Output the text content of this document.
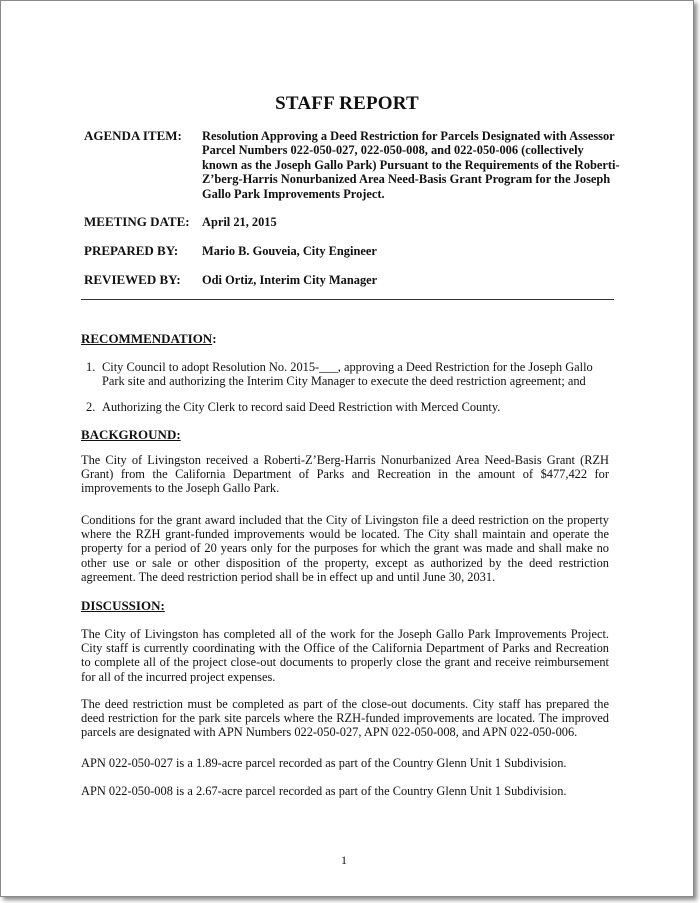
STAFF REPORT
AGENDA ITEM: Resolution Approving a Deed Restriction for Parcels Designated with Assessor Parcel Numbers 022-050-027, 022-050-008, and 022-050-006 (collectively known as the Joseph Gallo Park) Pursuant to the Requirements of the Roberti-Z’berg-Harris Nonurbanized Area Need-Basis Grant Program for the Joseph Gallo Park Improvements Project.
MEETING DATE: April 21, 2015
PREPARED BY: Mario B. Gouveia, City Engineer
REVIEWED BY: Odi Ortiz, Interim City Manager
RECOMMENDATION:
1. City Council to adopt Resolution No. 2015-___, approving a Deed Restriction for the Joseph Gallo Park site and authorizing the Interim City Manager to execute the deed restriction agreement; and
2. Authorizing the City Clerk to record said Deed Restriction with Merced County.
BACKGROUND:
The City of Livingston received a Roberti-Z’Berg-Harris Nonurbanized Area Need-Basis Grant (RZH Grant) from the California Department of Parks and Recreation in the amount of $477,422 for improvements to the Joseph Gallo Park.
Conditions for the grant award included that the City of Livingston file a deed restriction on the property where the RZH grant-funded improvements would be located. The City shall maintain and operate the property for a period of 20 years only for the purposes for which the grant was made and shall make no other use or sale or other disposition of the property, except as authorized by the deed restriction agreement. The deed restriction period shall be in effect up and until June 30, 2031.
DISCUSSION:
The City of Livingston has completed all of the work for the Joseph Gallo Park Improvements Project. City staff is currently coordinating with the Office of the California Department of Parks and Recreation to complete all of the project close-out documents to properly close the grant and receive reimbursement for all of the incurred project expenses.
The deed restriction must be completed as part of the close-out documents. City staff has prepared the deed restriction for the park site parcels where the RZH-funded improvements are located. The improved parcels are designated with APN Numbers 022-050-027, APN 022-050-008, and APN 022-050-006.
APN 022-050-027 is a 1.89-acre parcel recorded as part of the Country Glenn Unit 1 Subdivision.
APN 022-050-008 is a 2.67-acre parcel recorded as part of the Country Glenn Unit 1 Subdivision.
1
